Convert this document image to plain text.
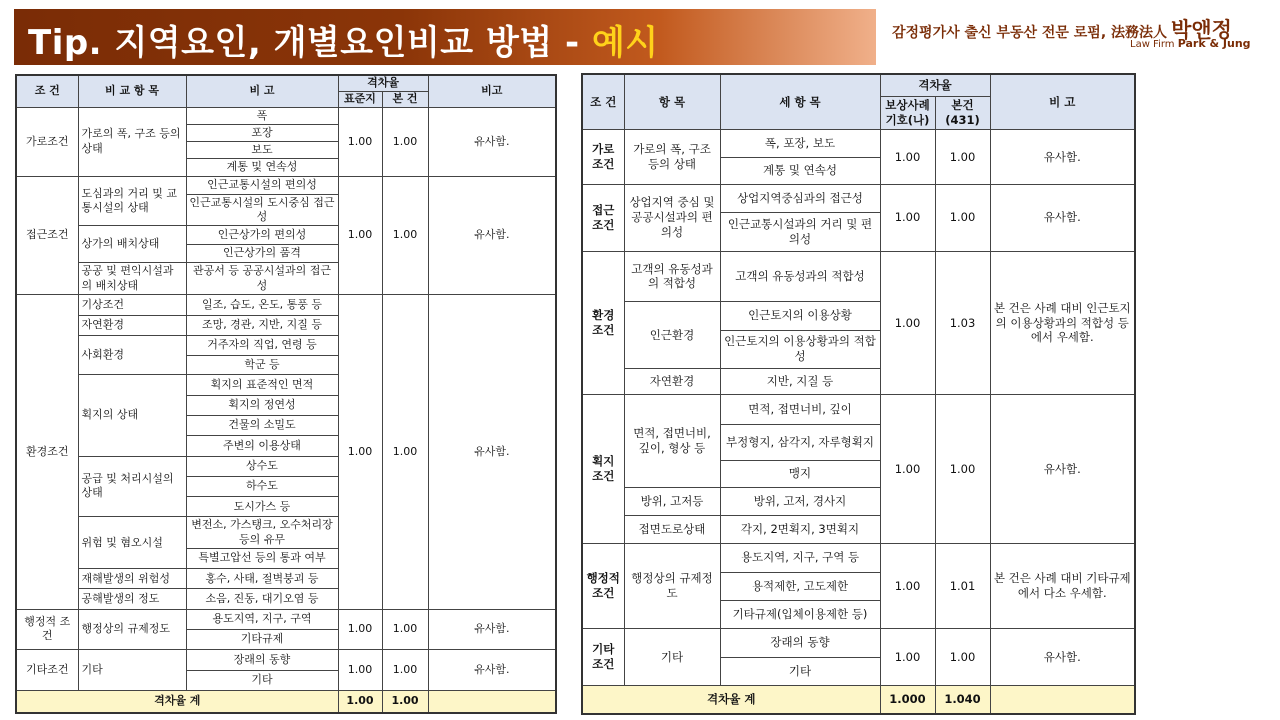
Tip. 지역요인, 개별요인비교 방법 - 예시	감정평가사 출신 부동산 전문 로펌, 法務法人 박앤정
Law Firm Park & Jung
조 건	비 교 항 목	비 고	격차율		비고
			표준지	본 건	
가로조건	가로의 폭, 구조 등의 상태	폭	1.00	1.00	유사함.
		포장			
		보도			
		계통 및 연속성			
접근조건	도심과의 거리 및 교통시설의 상태	인근교통시설의 편의성	1.00	1.00	유사함.
		인근교통시설의 도시중심 접근성			
	상가의 배치상태	인근상가의 편의성			
		인근상가의 품격			
	공공 및 편익시설과의 배치상태	관공서 등 공공시설과의 접근성			
환경조건	기상조건	일조, 습도, 온도, 통풍 등	1.00	1.00	유사함.
	자연환경	조망, 경관, 지반, 지질 등			
	사회환경	거주자의 직업, 연령 등			
		학군 등			
	획지의 상태	획지의 표준적인 면적			
		획지의 정연성			
		건물의 소밀도			
		주변의 이용상태			
	공급 및 처리시설의 상태	상수도			
		하수도			
		도시가스 등			
	위험 및 혐오시설	변전소, 가스탱크, 오수처리장 등의 유무			
		특별고압선 등의 통과 여부			
	재해발생의 위험성	홍수, 사태, 절벽붕괴 등			
	공해발생의 정도	소음, 진동, 대기오염 등			
행정적 조건	행정상의 규제정도	용도지역, 지구, 구역	1.00	1.00	유사함.
		기타규제			
기타조건	기타	장래의 동향	1.00	1.00	유사함.
		기타			
격차율 계			1.00	1.00	
조 건	항 목	세 항 목	격차율		비 고
			보상사례 기호(나)	본건 (431)	
가로 조건	가로의 폭, 구조 등의 상태	폭, 포장, 보도	1.00	1.00	유사함.
		계통 및 연속성			
접근 조건	상업지역 중심 및 공공시설과의 편의성	상업지역중심과의 접근성	1.00	1.00	유사함.
		인근교통시설과의 거리 및 편의성			
환경 조건	고객의 유동성과의 적합성	고객의 유동성과의 적합성	1.00	1.03	본 건은 사례 대비 인근토지의 이용상황과의 적합성 등에서 우세함.
	인근환경	인근토지의 이용상황			
		인근토지의 이용상황과의 적합성			
	자연환경	지반, 지질 등			
획지 조건	면적, 접면너비, 깊이, 형상 등	면적, 접면너비, 깊이	1.00	1.00	유사함.
		부정형지, 삼각지, 자루형획지			
		맹지			
	방위, 고저등	방위, 고저, 경사지			
	접면도로상태	각지, 2면획지, 3면획지			
행정적 조건	행정상의 규제정도	용도지역, 지구, 구역 등	1.00	1.01	본 건은 사례 대비 기타규제에서 다소 우세함.
		용적제한, 고도제한			
		기타규제(입체이용제한 등)			
기타 조건	기타	장래의 동향	1.00	1.00	유사함.
		기타			
격차율 계			1.000	1.040	
